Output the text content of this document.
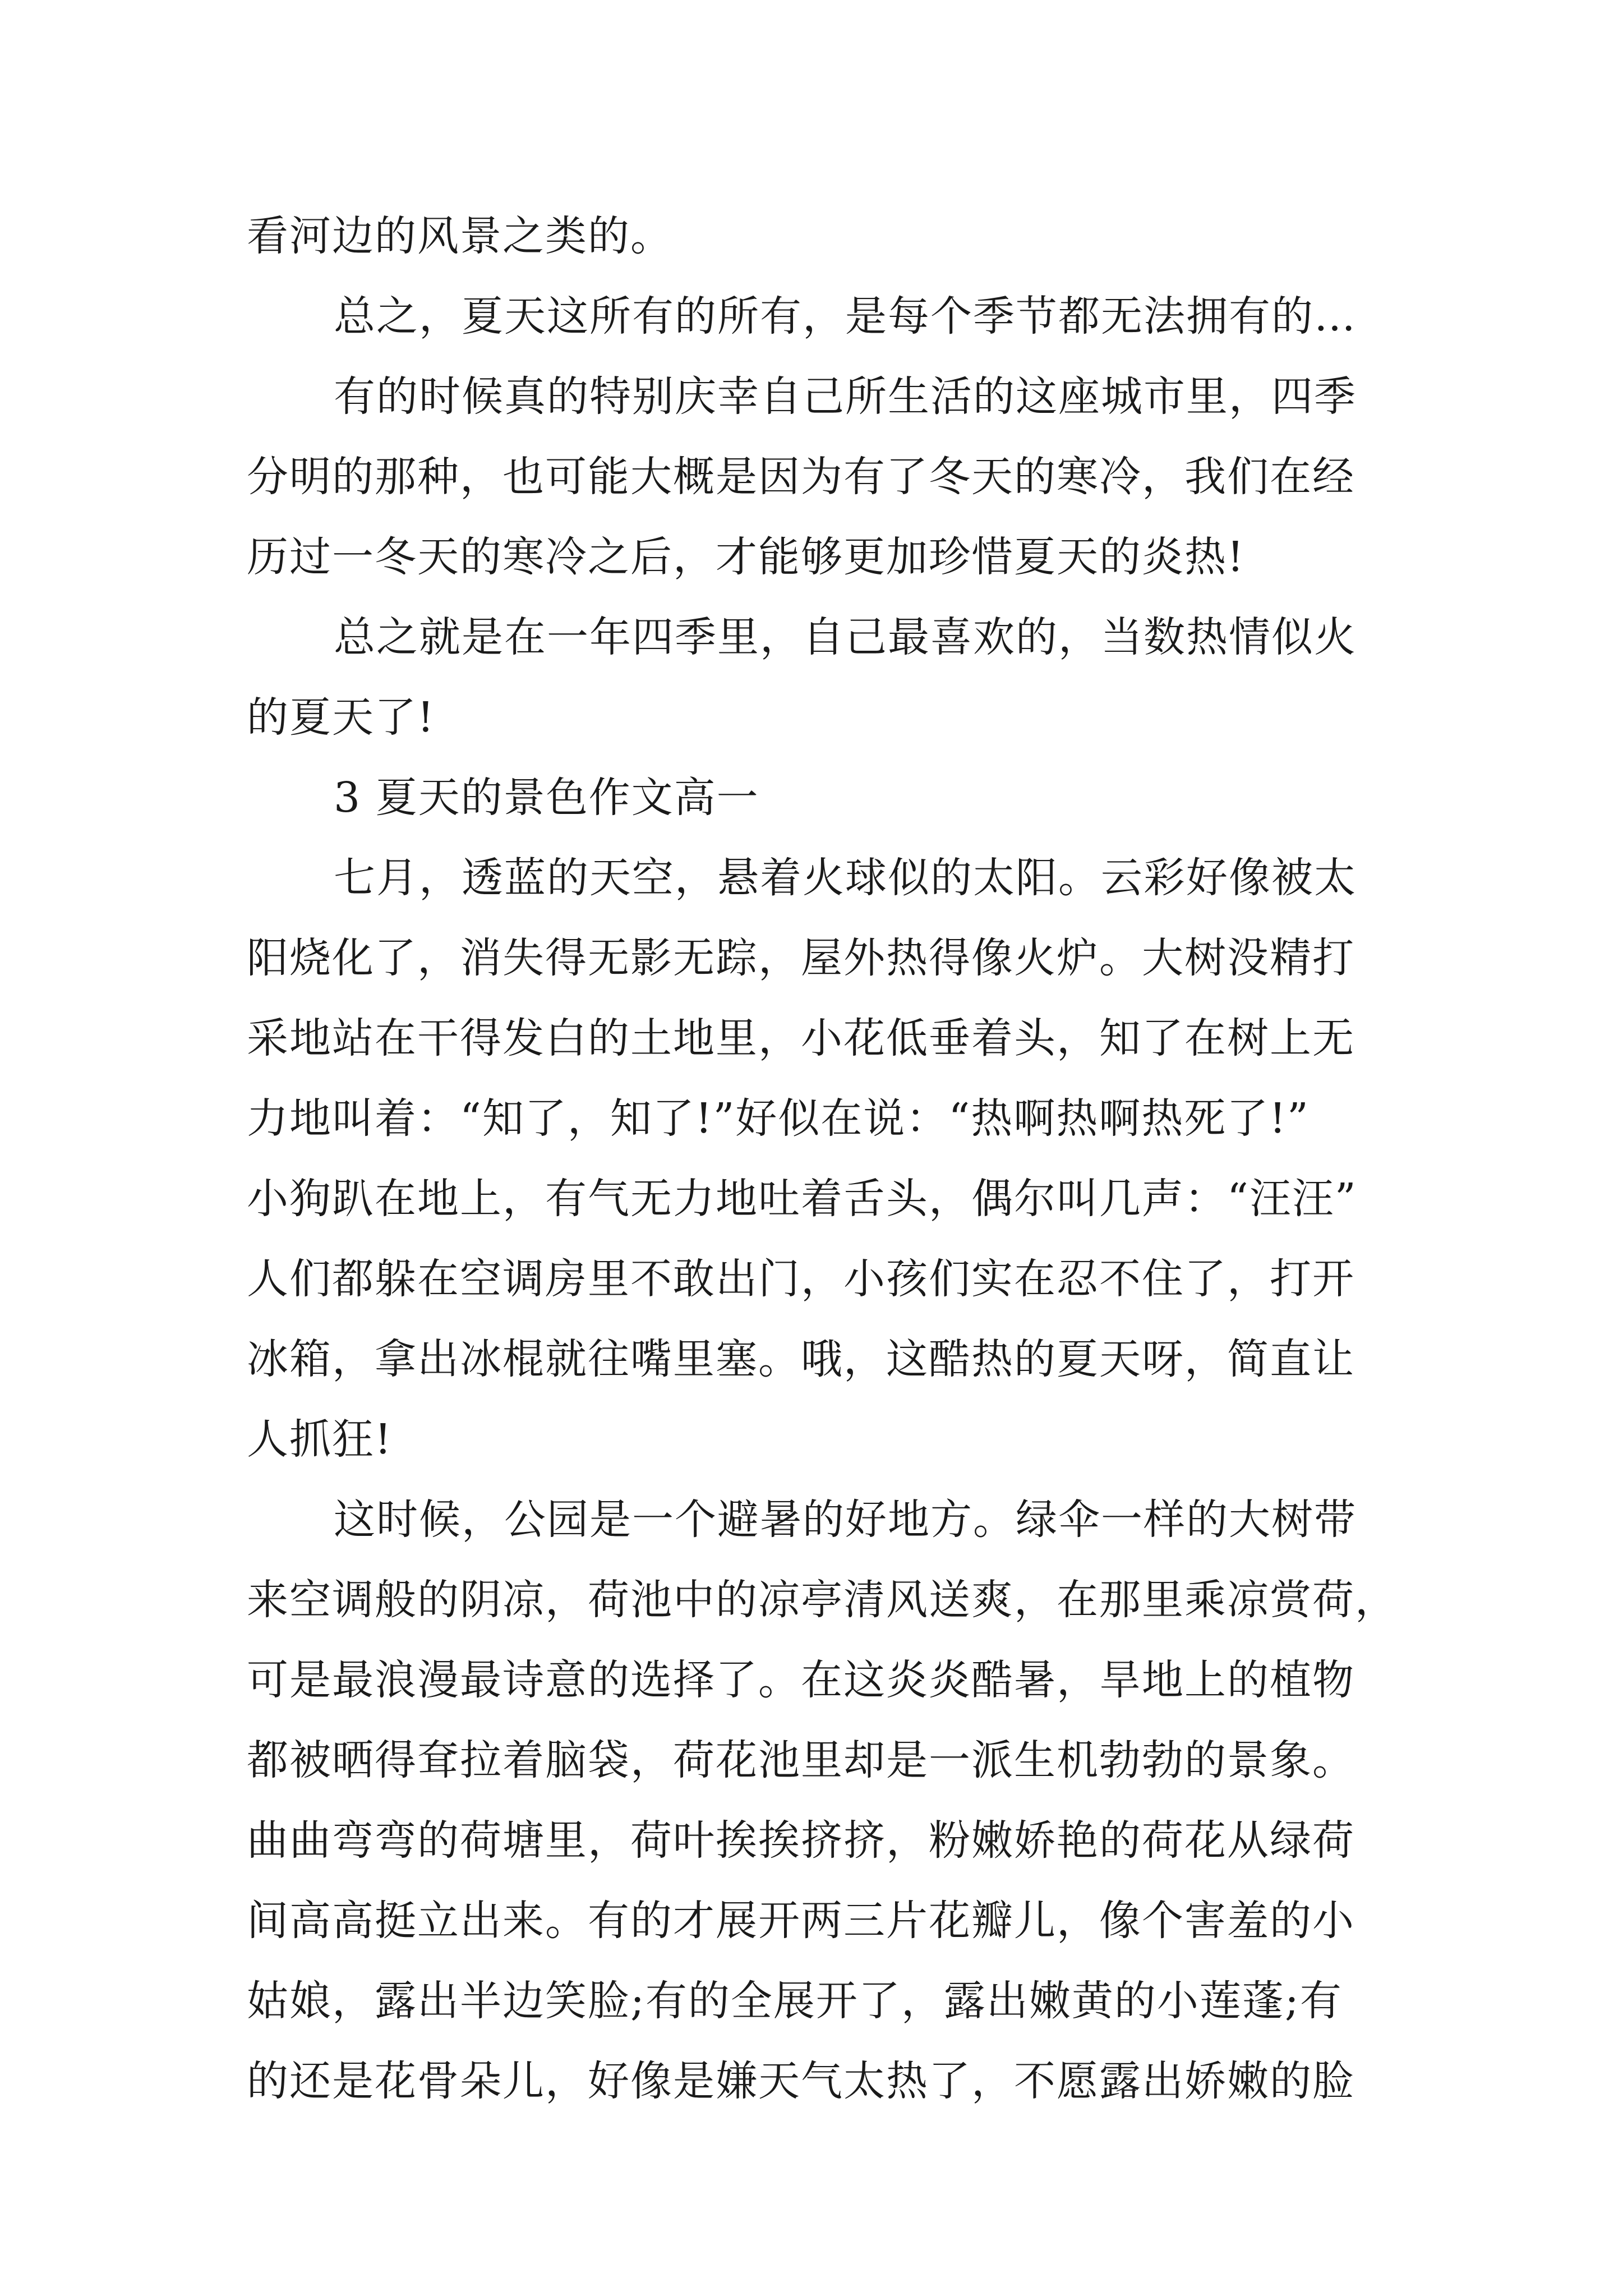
看河边的风景之类的。
总之，夏天这所有的所有，是每个季节都无法拥有的…
有的时候真的特别庆幸自己所生活的这座城市里，四季
分明的那种，也可能大概是因为有了冬天的寒冷，我们在经
历过一冬天的寒冷之后，才能够更加珍惜夏天的炎热!
总之就是在一年四季里，自己最喜欢的，当数热情似火
的夏天了!
3 夏天的景色作文高一
七月，透蓝的天空，悬着火球似的太阳。云彩好像被太
阳烧化了，消失得无影无踪，屋外热得像火炉。大树没精打
采地站在干得发白的土地里，小花低垂着头，知了在树上无
力地叫着：“知了，知了!”好似在说：“热啊热啊热死了!”
小狗趴在地上，有气无力地吐着舌头，偶尔叫几声：“汪汪”
人们都躲在空调房里不敢出门，小孩们实在忍不住了，打开
冰箱，拿出冰棍就往嘴里塞。哦，这酷热的夏天呀，简直让
人抓狂!
这时候，公园是一个避暑的好地方。绿伞一样的大树带
来空调般的阴凉，荷池中的凉亭清风送爽，在那里乘凉赏荷，
可是最浪漫最诗意的选择了。在这炎炎酷暑，旱地上的植物
都被晒得耷拉着脑袋，荷花池里却是一派生机勃勃的景象。
曲曲弯弯的荷塘里，荷叶挨挨挤挤，粉嫩娇艳的荷花从绿荷
间高高挺立出来。有的才展开两三片花瓣儿，像个害羞的小
姑娘，露出半边笑脸;有的全展开了，露出嫩黄的小莲蓬;有
的还是花骨朵儿，好像是嫌天气太热了，不愿露出娇嫩的脸
